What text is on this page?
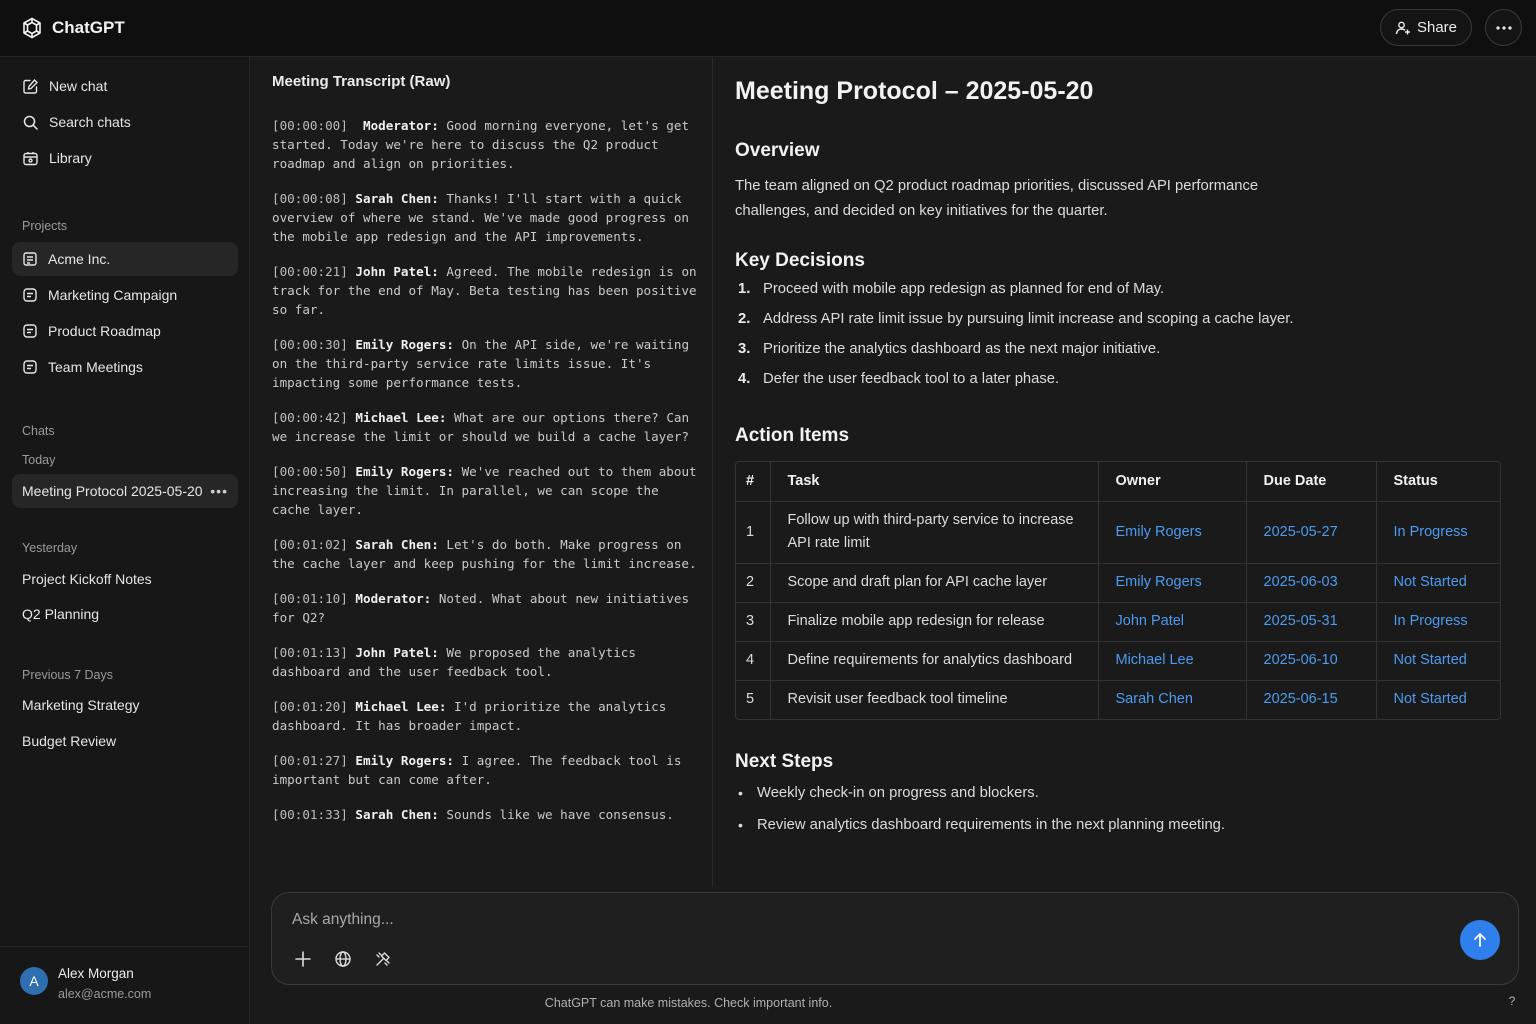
ChatGPT	Share
New chat
Search chats
Library
Projects
Acme Inc.
Marketing Campaign
Product Roadmap
Team Meetings
Chats
Today
Meeting Protocol 2025-05-20 •••
Yesterday
Project Kickoff Notes
Q2 Planning
Previous 7 Days
Marketing Strategy
Budget Review
A	Alex Morgan
alex@acme.com
Meeting Transcript (Raw)
[00:00:00] Moderator: Good morning everyone, let's get started. Today we're here to discuss the Q2 product roadmap and align on priorities.
[00:00:08] Sarah Chen: Thanks! I'll start with a quick overview of where we stand. We've made good progress on the mobile app redesign and the API improvements.
[00:00:21] John Patel: Agreed. The mobile redesign is on track for the end of May. Beta testing has been positive so far.
[00:00:30] Emily Rogers: On the API side, we're waiting on the third-party service rate limits issue. It's impacting some performance tests.
[00:00:42] Michael Lee: What are our options there? Can we increase the limit or should we build a cache layer?
[00:00:50] Emily Rogers: We've reached out to them about increasing the limit. In parallel, we can scope the cache layer.
[00:01:02] Sarah Chen: Let's do both. Make progress on the cache layer and keep pushing for the limit increase.
[00:01:10] Moderator: Noted. What about new initiatives for Q2?
[00:01:13] John Patel: We proposed the analytics dashboard and the user feedback tool.
[00:01:20] Michael Lee: I'd prioritize the analytics dashboard. It has broader impact.
[00:01:27] Emily Rogers: I agree. The feedback tool is important but can come after.
[00:01:33] Sarah Chen: Sounds like we have consensus.
Meeting Protocol – 2025-05-20
Overview
The team aligned on Q2 product roadmap priorities, discussed API performance challenges, and decided on key initiatives for the quarter.
Key Decisions
1. Proceed with mobile app redesign as planned for end of May.
2. Address API rate limit issue by pursuing limit increase and scoping a cache layer.
3. Prioritize the analytics dashboard as the next major initiative.
4. Defer the user feedback tool to a later phase.
Action Items
#	Task	Owner	Due Date	Status
1	Follow up with third-party service to increase API rate limit	Emily Rogers	2025-05-27	In Progress
2	Scope and draft plan for API cache layer	Emily Rogers	2025-06-03	Not Started
3	Finalize mobile app redesign for release	John Patel	2025-05-31	In Progress
4	Define requirements for analytics dashboard	Michael Lee	2025-06-10	Not Started
5	Revisit user feedback tool timeline	Sarah Chen	2025-06-15	Not Started
Next Steps
• Weekly check-in on progress and blockers.
• Review analytics dashboard requirements in the next planning meeting.
Ask anything...
ChatGPT can make mistakes. Check important info.	?
